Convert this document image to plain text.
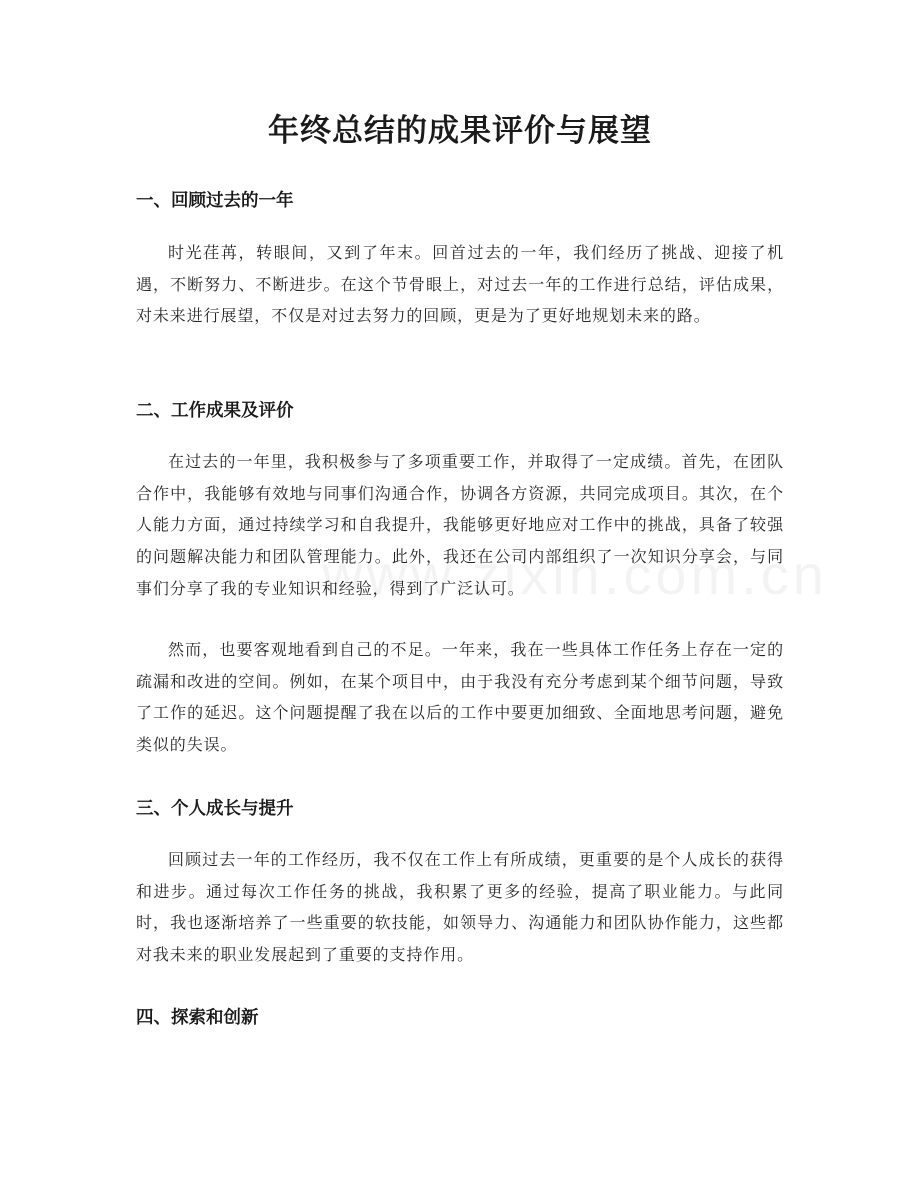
年终总结的成果评价与展望
一、回顾过去的一年

时光荏苒，转眼间，又到了年末。回首过去的一年，我们经历了挑战、迎接了机遇，不断努力、不断进步。在这个节骨眼上，对过去一年的工作进行总结，评估成果，对未来进行展望，不仅是对过去努力的回顾，更是为了更好地规划未来的路。

二、工作成果及评价

在过去的一年里，我积极参与了多项重要工作，并取得了一定成绩。首先，在团队合作中，我能够有效地与同事们沟通合作，协调各方资源，共同完成项目。其次，在个人能力方面，通过持续学习和自我提升，我能够更好地应对工作中的挑战，具备了较强的问题解决能力和团队管理能力。此外，我还在公司内部组织了一次知识分享会，与同事们分享了我的专业知识和经验，得到了广泛认可。

然而，也要客观地看到自己的不足。一年来，我在一些具体工作任务上存在一定的疏漏和改进的空间。例如，在某个项目中，由于我没有充分考虑到某个细节问题，导致了工作的延迟。这个问题提醒了我在以后的工作中要更加细致、全面地思考问题，避免类似的失误。

三、个人成长与提升

回顾过去一年的工作经历，我不仅在工作上有所成绩，更重要的是个人成长的获得和进步。通过每次工作任务的挑战，我积累了更多的经验，提高了职业能力。与此同时，我也逐渐培养了一些重要的软技能，如领导力、沟通能力和团队协作能力，这些都对我未来的职业发展起到了重要的支持作用。

四、探索和创新
